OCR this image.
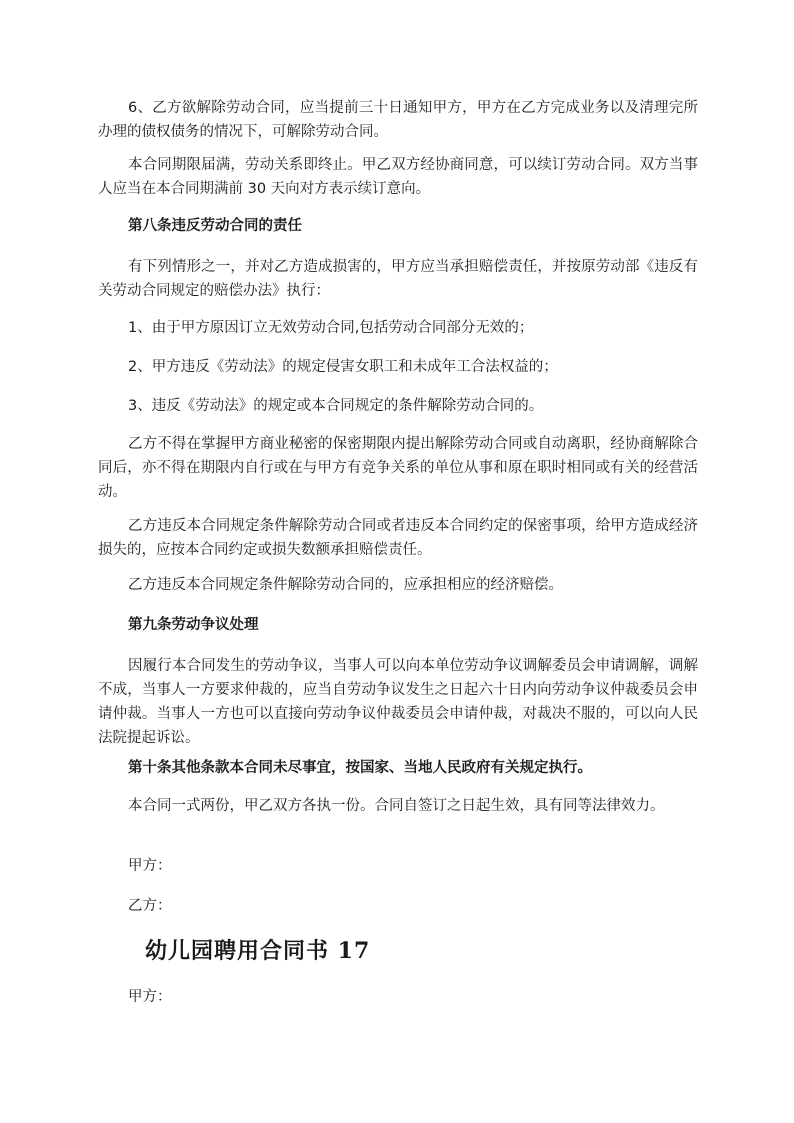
6、乙方欲解除劳动合同，应当提前三十日通知甲方，甲方在乙方完成业务以及清理完所办理的债权债务的情况下，可解除劳动合同。

本合同期限届满，劳动关系即终止。甲乙双方经协商同意，可以续订劳动合同。双方当事人应当在本合同期满前 30 天向对方表示续订意向。

第八条违反劳动合同的责任

有下列情形之一，并对乙方造成损害的，甲方应当承担赔偿责任，并按原劳动部《违反有关劳动合同规定的赔偿办法》执行：

1、由于甲方原因订立无效劳动合同,包括劳动合同部分无效的；

2、甲方违反《劳动法》的规定侵害女职工和未成年工合法权益的；

3、违反《劳动法》的规定或本合同规定的条件解除劳动合同的。

乙方不得在掌握甲方商业秘密的保密期限内提出解除劳动合同或自动离职，经协商解除合同后，亦不得在期限内自行或在与甲方有竞争关系的单位从事和原在职时相同或有关的经营活动。

乙方违反本合同规定条件解除劳动合同或者违反本合同约定的保密事项，给甲方造成经济损失的，应按本合同约定或损失数额承担赔偿责任。

乙方违反本合同规定条件解除劳动合同的，应承担相应的经济赔偿。

第九条劳动争议处理

因履行本合同发生的劳动争议，当事人可以向本单位劳动争议调解委员会申请调解，调解不成，当事人一方要求仲裁的，应当自劳动争议发生之日起六十日内向劳动争议仲裁委员会申请仲裁。当事人一方也可以直接向劳动争议仲裁委员会申请仲裁，对裁决不服的，可以向人民法院提起诉讼。

第十条其他条款本合同未尽事宜，按国家、当地人民政府有关规定执行。

本合同一式两份，甲乙双方各执一份。合同自签订之日起生效，具有同等法律效力。

甲方：

乙方：

幼儿园聘用合同书 17

甲方：
